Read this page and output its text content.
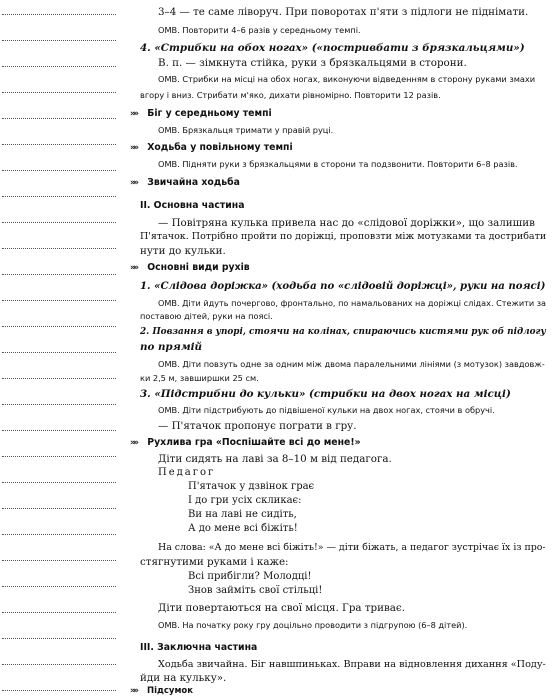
3–4 — те саме ліворуч. При поворотах п'яти з підлоги не піднімати.
ОМВ. Повторити 4–6 разів у середньому темпі.
4. «Стрибки на обох ногах» («постривбати з брязкальцями»)
В. п. — зімкнута стійка, руки з брязкальцями в сторони.
ОМВ. Стрибки на місці на обох ногах, виконуючи відведенням в сторону руками змахи
вгору і вниз. Стрибати м'яко, дихати рівномірно. Повторити 12 разів.
»» Біг у середньому темпі
ОМВ. Брязкальця тримати у правій руці.
»» Ходьба у повільному темпі
ОМВ. Підняти руки з брязкальцями в сторони та подзвонити. Повторити 6–8 разів.
»» Звичайна ходьба
II. Основна частина
— Повітряна кулька привела нас до «слідової доріжки», що залишив
П'ятачок. Потрібно пройти по доріжці, проповзти між мотузками та дострибати
нути до кульки.
»» Основні види рухів
1. «Слідова доріжка» (ходьба по «слідовій доріжці», руки на поясі)
ОМВ. Діти йдуть почергово, фронтально, по намальованих на доріжці слідах. Стежити за
поставою дітей, руки на поясі.
2. Повзання в упорі, стоячи на колінах, спираючись кистями рук об підлогу
по прямій
ОМВ. Діти повзуть одне за одним між двома паралельними лініями (з мотузок) завдовж-
ки 2,5 м, завширшки 25 см.
3. «Підстрибни до кульки» (стрибки на двох ногах на місці)
ОМВ. Діти підстрибують до підвішеної кульки на двох ногах, стоячи в обручі.
— П'ятачок пропонує пограти в гру.
»» Рухлива гра «Поспішайте всі до мене!»
Діти сидять на лаві за 8–10 м від педагога.
Педагог
П'ятачок у дзвінок грає
І до гри усіх скликає:
Ви на лаві не сидіть,
А до мене всі біжіть!
На слова: «А до мене всі біжіть!» — діти біжать, а педагог зустрічає їх із про-
стягнутими руками і каже:
Всі прибігли? Молодці!
Знов займіть свої стільці!
Діти повертаються на свої місця. Гра триває.
ОМВ. На початку року гру доцільно проводити з підгрупою (6–8 дітей).
III. Заключна частина
Ходьба звичайна. Біг навшпиньках. Вправи на відновлення дихання «Поду-
йди на кульку».
»» Підсумок
